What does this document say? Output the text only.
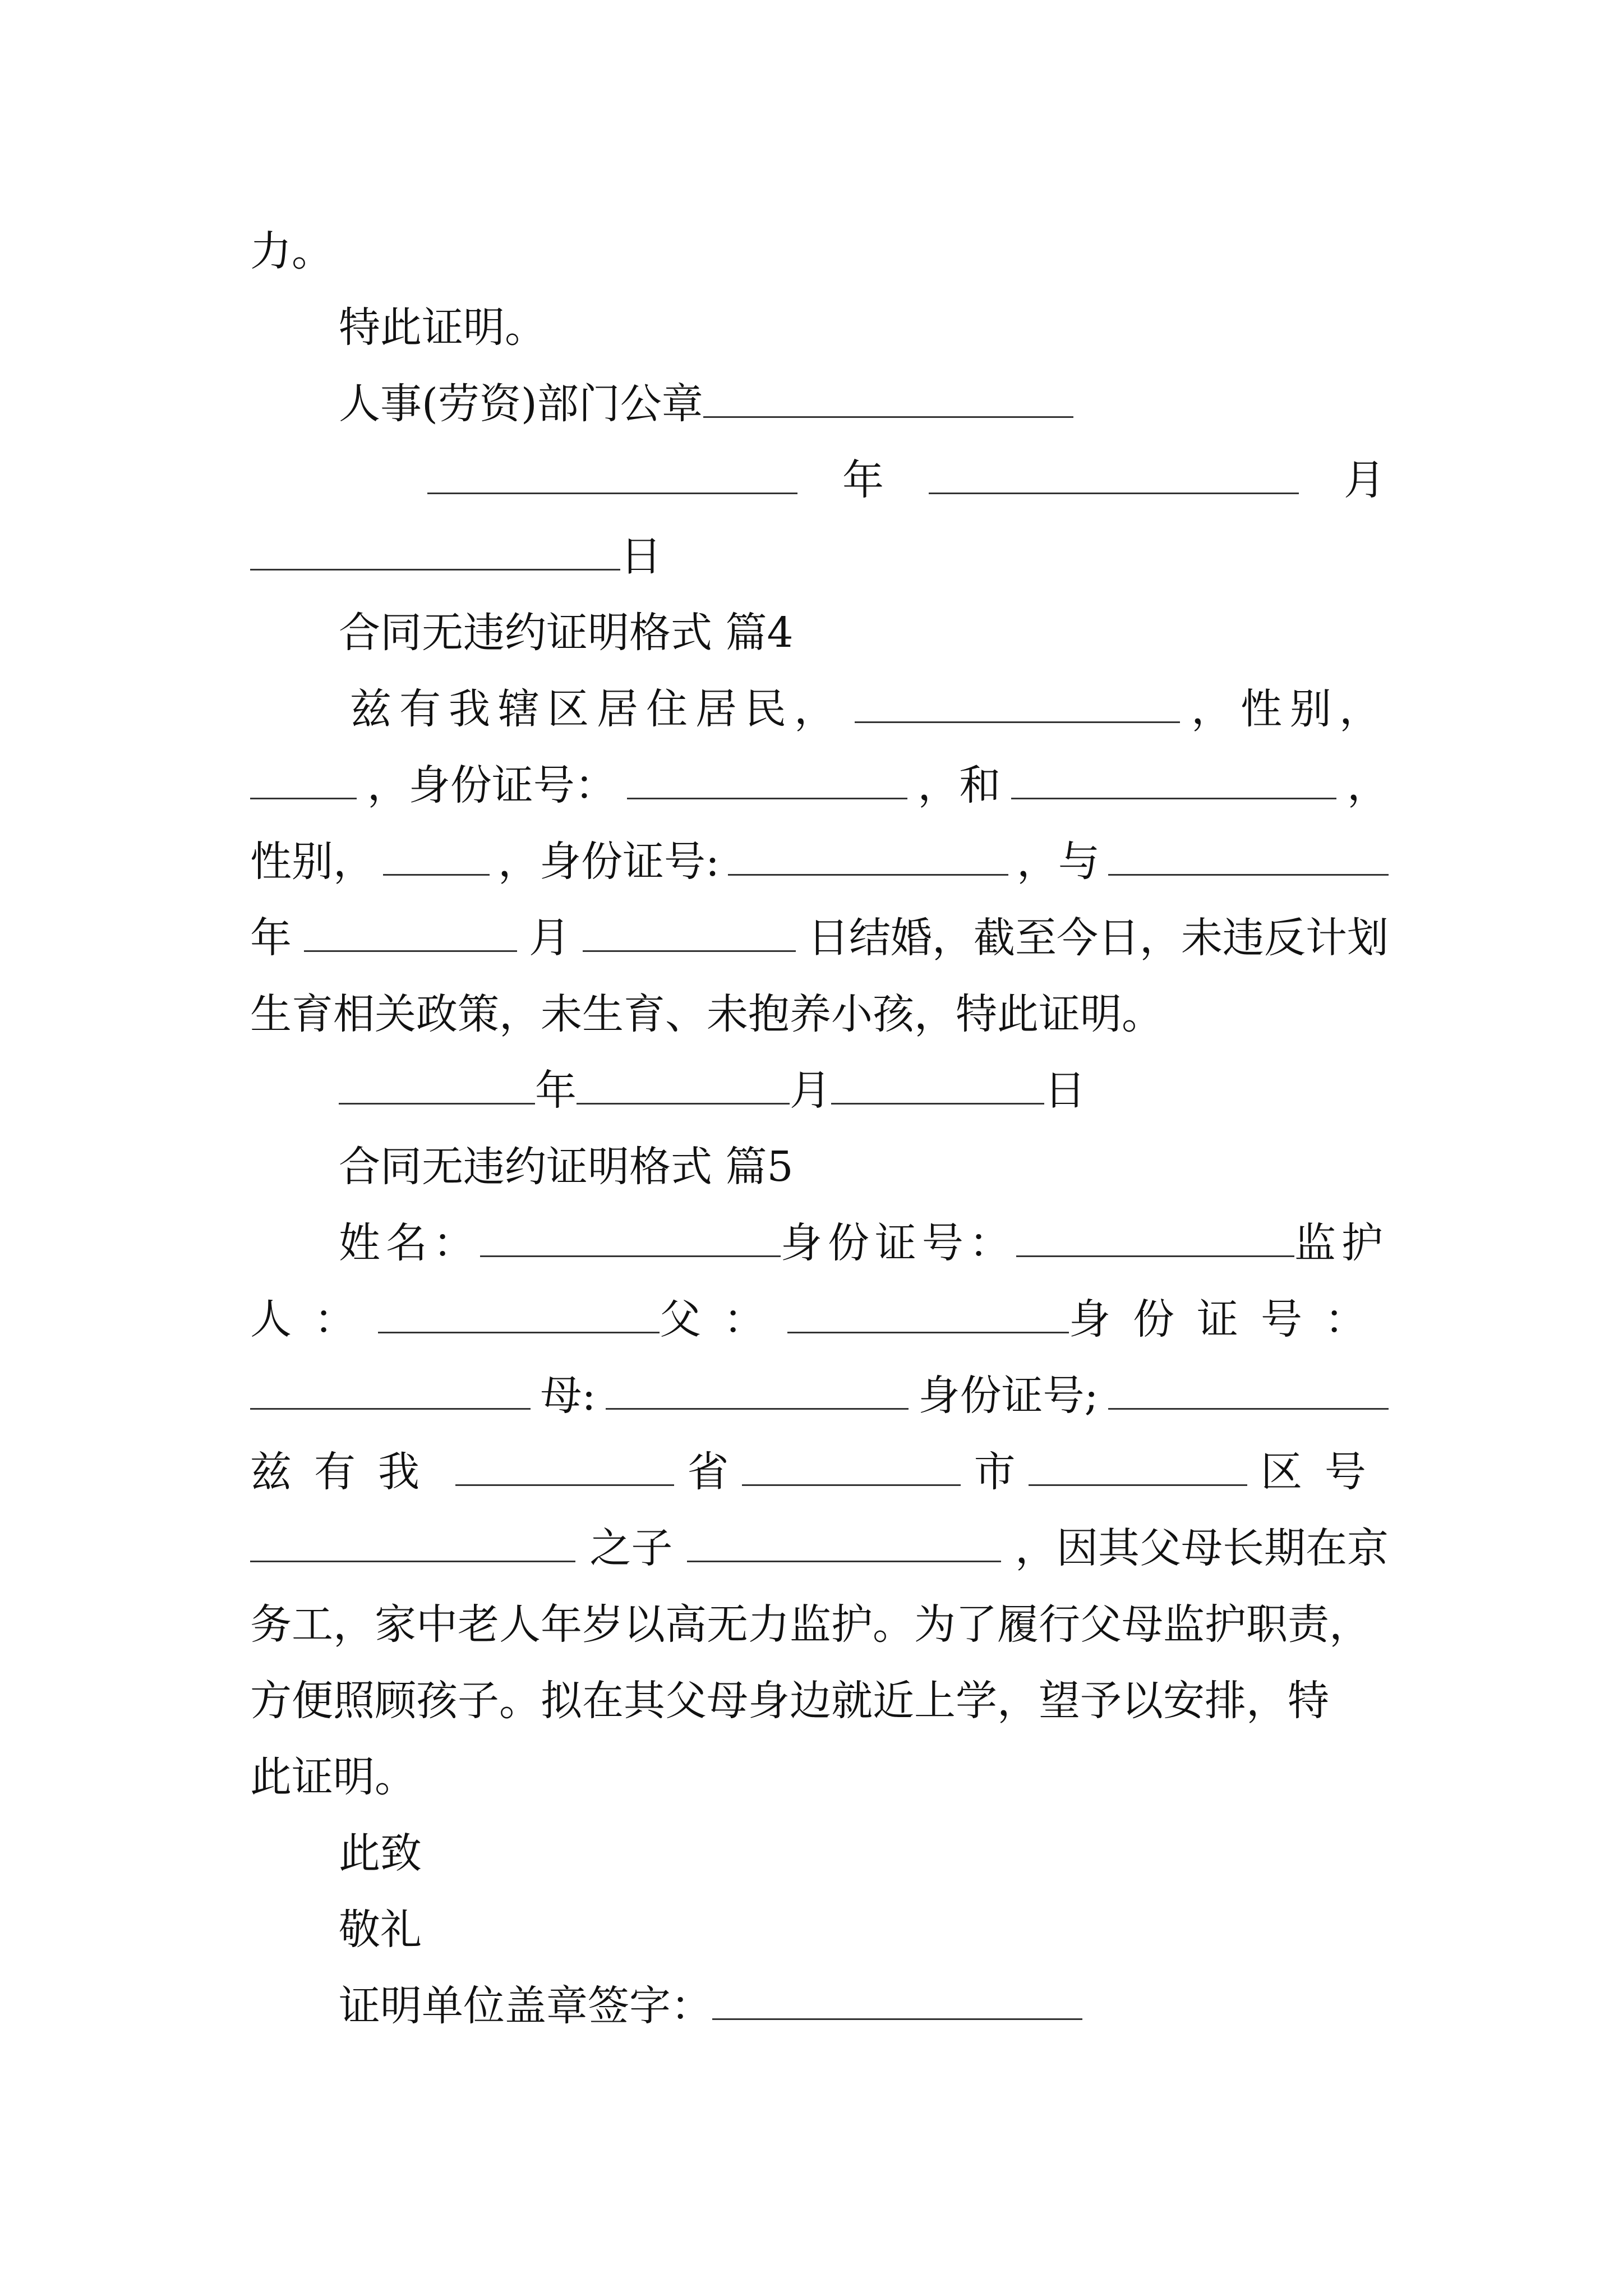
力。
特此证明。
人事(劳资)部门公章
年	月
日
合同无违约证明格式 篇4
兹有我辖区居住居民，	，性别，
，身份证号：	，和	，
性别，	，身份证号:	，与
年	月	日结婚，截至今日，未违反计划
生育相关政策，未生育、未抱养小孩，特此证明。
年	月	日
合同无违约证明格式 篇5
姓名：	身份证号：	监护
人：	父：	身份证号：
母:	身份证号;
兹有我	省	市	区号
之子	，因其父母长期在京
务工，家中老人年岁以高无力监护。为了履行父母监护职责，
方便照顾孩子。拟在其父母身边就近上学，望予以安排，特
此证明。
此致
敬礼
证明单位盖章签字：
